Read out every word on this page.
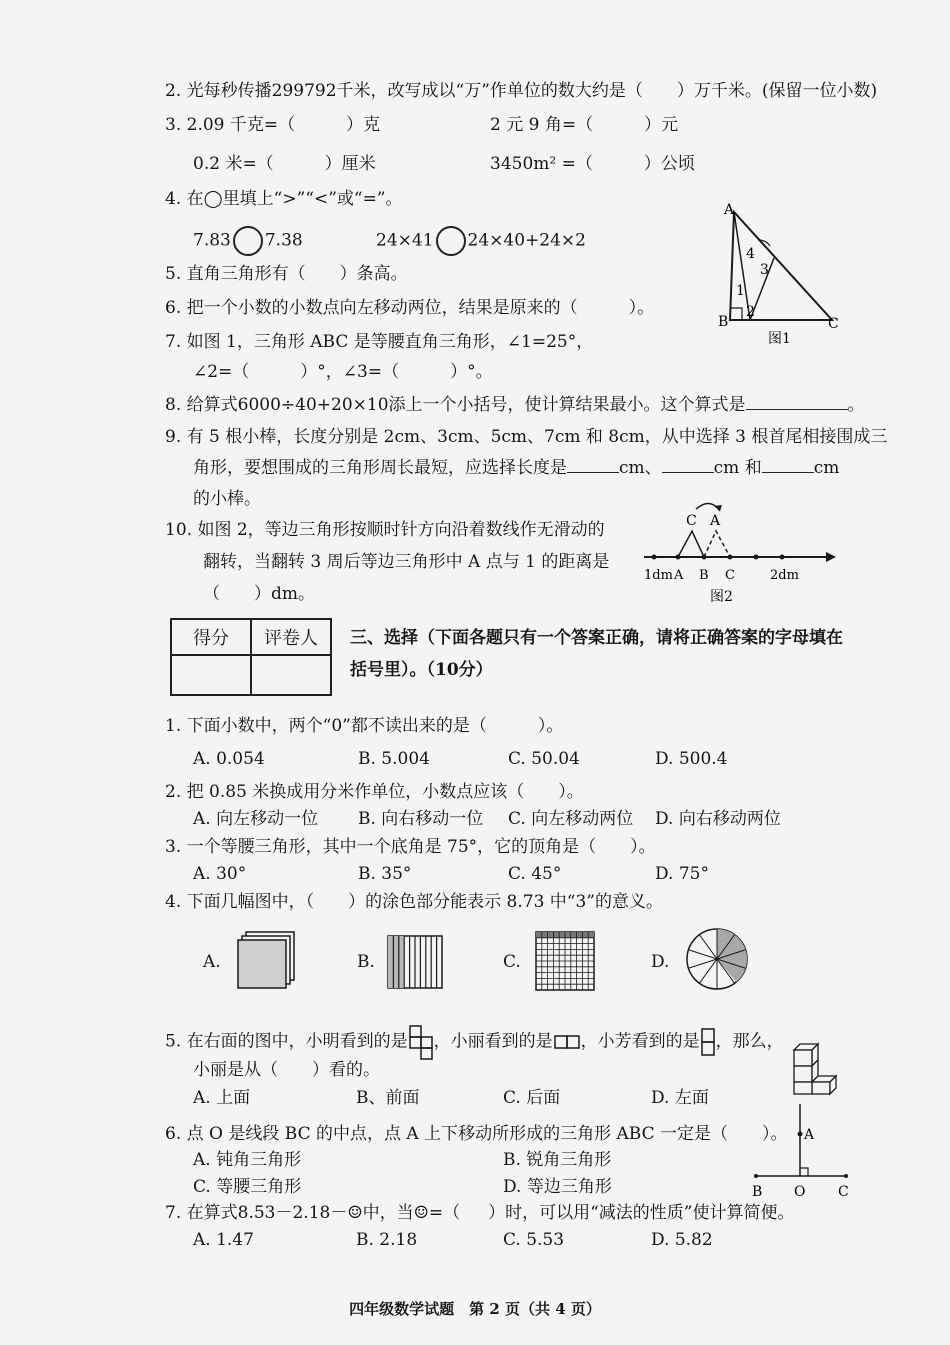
2. 光每秒传播299792千米，改写成以“万”作单位的数大约是（　　）万千米。(保留一位小数)
3. 2.09 千克=（　　　）克	2 元 9 角=（　　　）元
0.2 米=（　　　）厘米	3450m² =（　　　）公顷
4. 在◯里填上“>”“<”或“=”。
7.83 7.38	24×41 24×40+24×2
5. 直角三角形有（　　）条高。
6. 把一个小数的小数点向左移动两位，结果是原来的（　　　）。
7. 如图 1，三角形 ABC 是等腰直角三角形，∠1=25°，
∠2=（　　　）°，∠3=（　　　）°。
A
B	C
1
2
3
4
图1
8. 给算式6000÷40+20×10添上一个小括号，使计算结果最小。这个算式是	。
9. 有 5 根小棒，长度分别是 2cm、3cm、5cm、7cm 和 8cm，从中选择 3 根首尾相接围成三
角形，要想围成的三角形周长最短，应选择长度是	cm、	cm 和	cm
的小棒。
10. 如图 2，等边三角形按顺时针方向沿着数线作无滑动的
翻转，当翻转 3 周后等边三角形中 A 点与 1 的距离是
（　　）dm。
C A
1dm A B C	2dm
图2
得分	评卷人
	三、选择（下面各题只有一个答案正确，请将正确答案的字母填在
括号里）。（10分）
1. 下面小数中，两个“0”都不读出来的是（　　　）。
A. 0.054	B. 5.004	C. 50.04	D. 500.4
2. 把 0.85 米换成用分米作单位，小数点应该（　　）。
A. 向左移动一位 B. 向右移动一位 C. 向左移动两位 D. 向右移动两位
3. 一个等腰三角形，其中一个底角是 75°，它的顶角是（　　）。
A. 30°	B. 35°	C. 45°	D. 75°
4. 下面几幅图中，（　　）的涂色部分能表示 8.73 中“3”的意义。
A.	B.	C.	D.
5. 在右面的图中，小明看到的是 ，小丽看到的是 ，小芳看到的是 ，那么，
小丽是从（　　）看的。
A. 上面	B、前面	C. 后面	D. 左面
6. 点 O 是线段 BC 的中点，点 A 上下移动所形成的三角形 ABC 一定是（　　）。
A. 钝角三角形	B. 锐角三角形
C. 等腰三角形	D. 等边三角形
A
B O C
7. 在算式8.53－2.18－☺中，当☺=（ ）时，可以用“减法的性质”使计算简便。
A. 1.47	B. 2.18	C. 5.53	D. 5.82
四年级数学试题　第 2 页（共 4 页）
